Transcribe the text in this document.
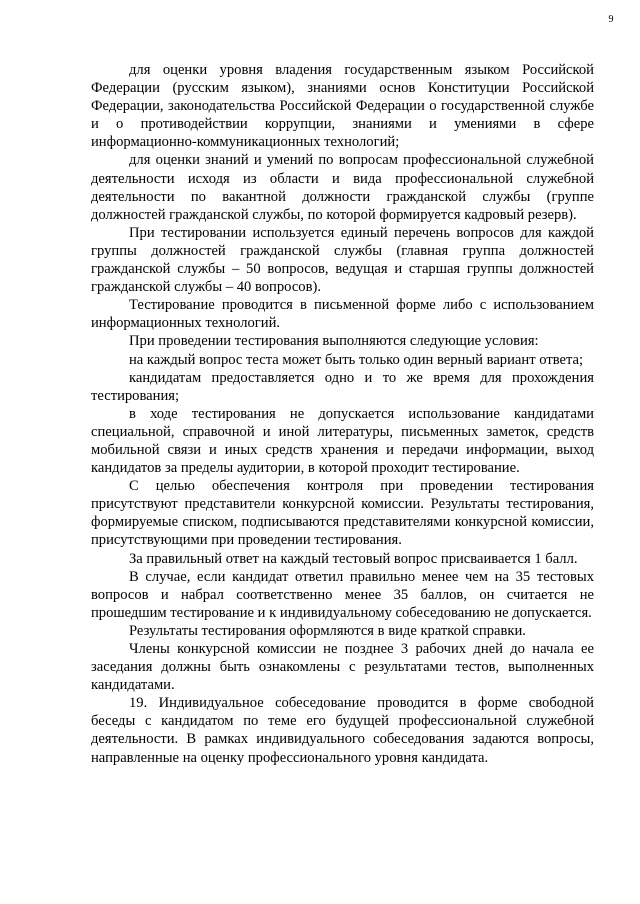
9

для оценки уровня владения государственным языком Российской Федерации (русским языком), знаниями основ Конституции Российской Федерации, законодательства Российской Федерации о государственной службе и о противодействии коррупции, знаниями и умениями в сфере информационно-коммуникационных технологий;

для оценки знаний и умений по вопросам профессиональной служебной деятельности исходя из области и вида профессиональной служебной деятельности по вакантной должности гражданской службы (группе должностей гражданской службы, по которой формируется кадровый резерв).

При тестировании используется единый перечень вопросов для каждой группы должностей гражданской службы (главная группа должностей гражданской службы – 50 вопросов, ведущая и старшая группы должностей гражданской службы – 40 вопросов).

Тестирование проводится в письменной форме либо с использованием информационных технологий.

При проведении тестирования выполняются следующие условия:

на каждый вопрос теста может быть только один верный вариант ответа;

кандидатам предоставляется одно и то же время для прохождения тестирования;

в ходе тестирования не допускается использование кандидатами специальной, справочной и иной литературы, письменных заметок, средств мобильной связи и иных средств хранения и передачи информации, выход кандидатов за пределы аудитории, в которой проходит тестирование.

С целью обеспечения контроля при проведении тестирования присутствуют представители конкурсной комиссии. Результаты тестирования, формируемые списком, подписываются представителями конкурсной комиссии, присутствующими при проведении тестирования.

За правильный ответ на каждый тестовый вопрос присваивается 1 балл.

В случае, если кандидат ответил правильно менее чем на 35 тестовых вопросов и набрал соответственно менее 35 баллов, он считается не прошедшим тестирование и к индивидуальному собеседованию не допускается.

Результаты тестирования оформляются в виде краткой справки.

Члены конкурсной комиссии не позднее 3 рабочих дней до начала ее заседания должны быть ознакомлены с результатами тестов, выполненных кандидатами.

19. Индивидуальное собеседование проводится в форме свободной беседы с кандидатом по теме его будущей профессиональной служебной деятельности. В рамках индивидуального собеседования задаются вопросы, направленные на оценку профессионального уровня кандидата.
